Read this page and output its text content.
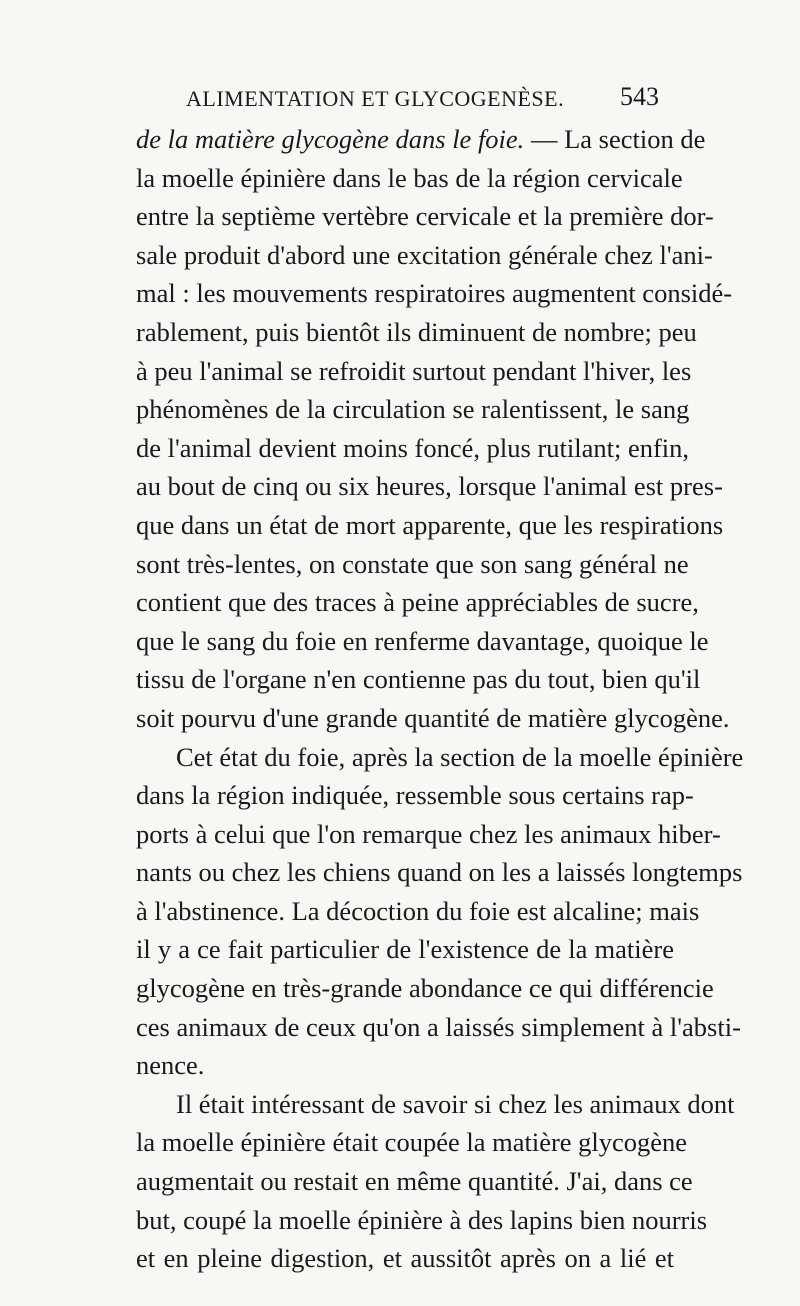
ALIMENTATION ET GLYCOGENÈSE.	543
de la matière glycogène dans le foie. — La section de
la moelle épinière dans le bas de la région cervicale
entre la septième vertèbre cervicale et la première dor-
sale produit d'abord une excitation générale chez l'ani-
mal : les mouvements respiratoires augmentent considé-
rablement, puis bientôt ils diminuent de nombre; peu
à peu l'animal se refroidit surtout pendant l'hiver, les
phénomènes de la circulation se ralentissent, le sang
de l'animal devient moins foncé, plus rutilant; enfin,
au bout de cinq ou six heures, lorsque l'animal est pres-
que dans un état de mort apparente, que les respirations
sont très-lentes, on constate que son sang général ne
contient que des traces à peine appréciables de sucre,
que le sang du foie en renferme davantage, quoique le
tissu de l'organe n'en contienne pas du tout, bien qu'il
soit pourvu d'une grande quantité de matière glycogène.
Cet état du foie, après la section de la moelle épinière
dans la région indiquée, ressemble sous certains rap-
ports à celui que l'on remarque chez les animaux hiber-
nants ou chez les chiens quand on les a laissés longtemps
à l'abstinence. La décoction du foie est alcaline; mais
il y a ce fait particulier de l'existence de la matière
glycogène en très-grande abondance ce qui différencie
ces animaux de ceux qu'on a laissés simplement à l'absti-
nence.
Il était intéressant de savoir si chez les animaux dont
la moelle épinière était coupée la matière glycogène
augmentait ou restait en même quantité. J'ai, dans ce
but, coupé la moelle épinière à des lapins bien nourris
et en pleine digestion, et aussitôt après on a lié et
